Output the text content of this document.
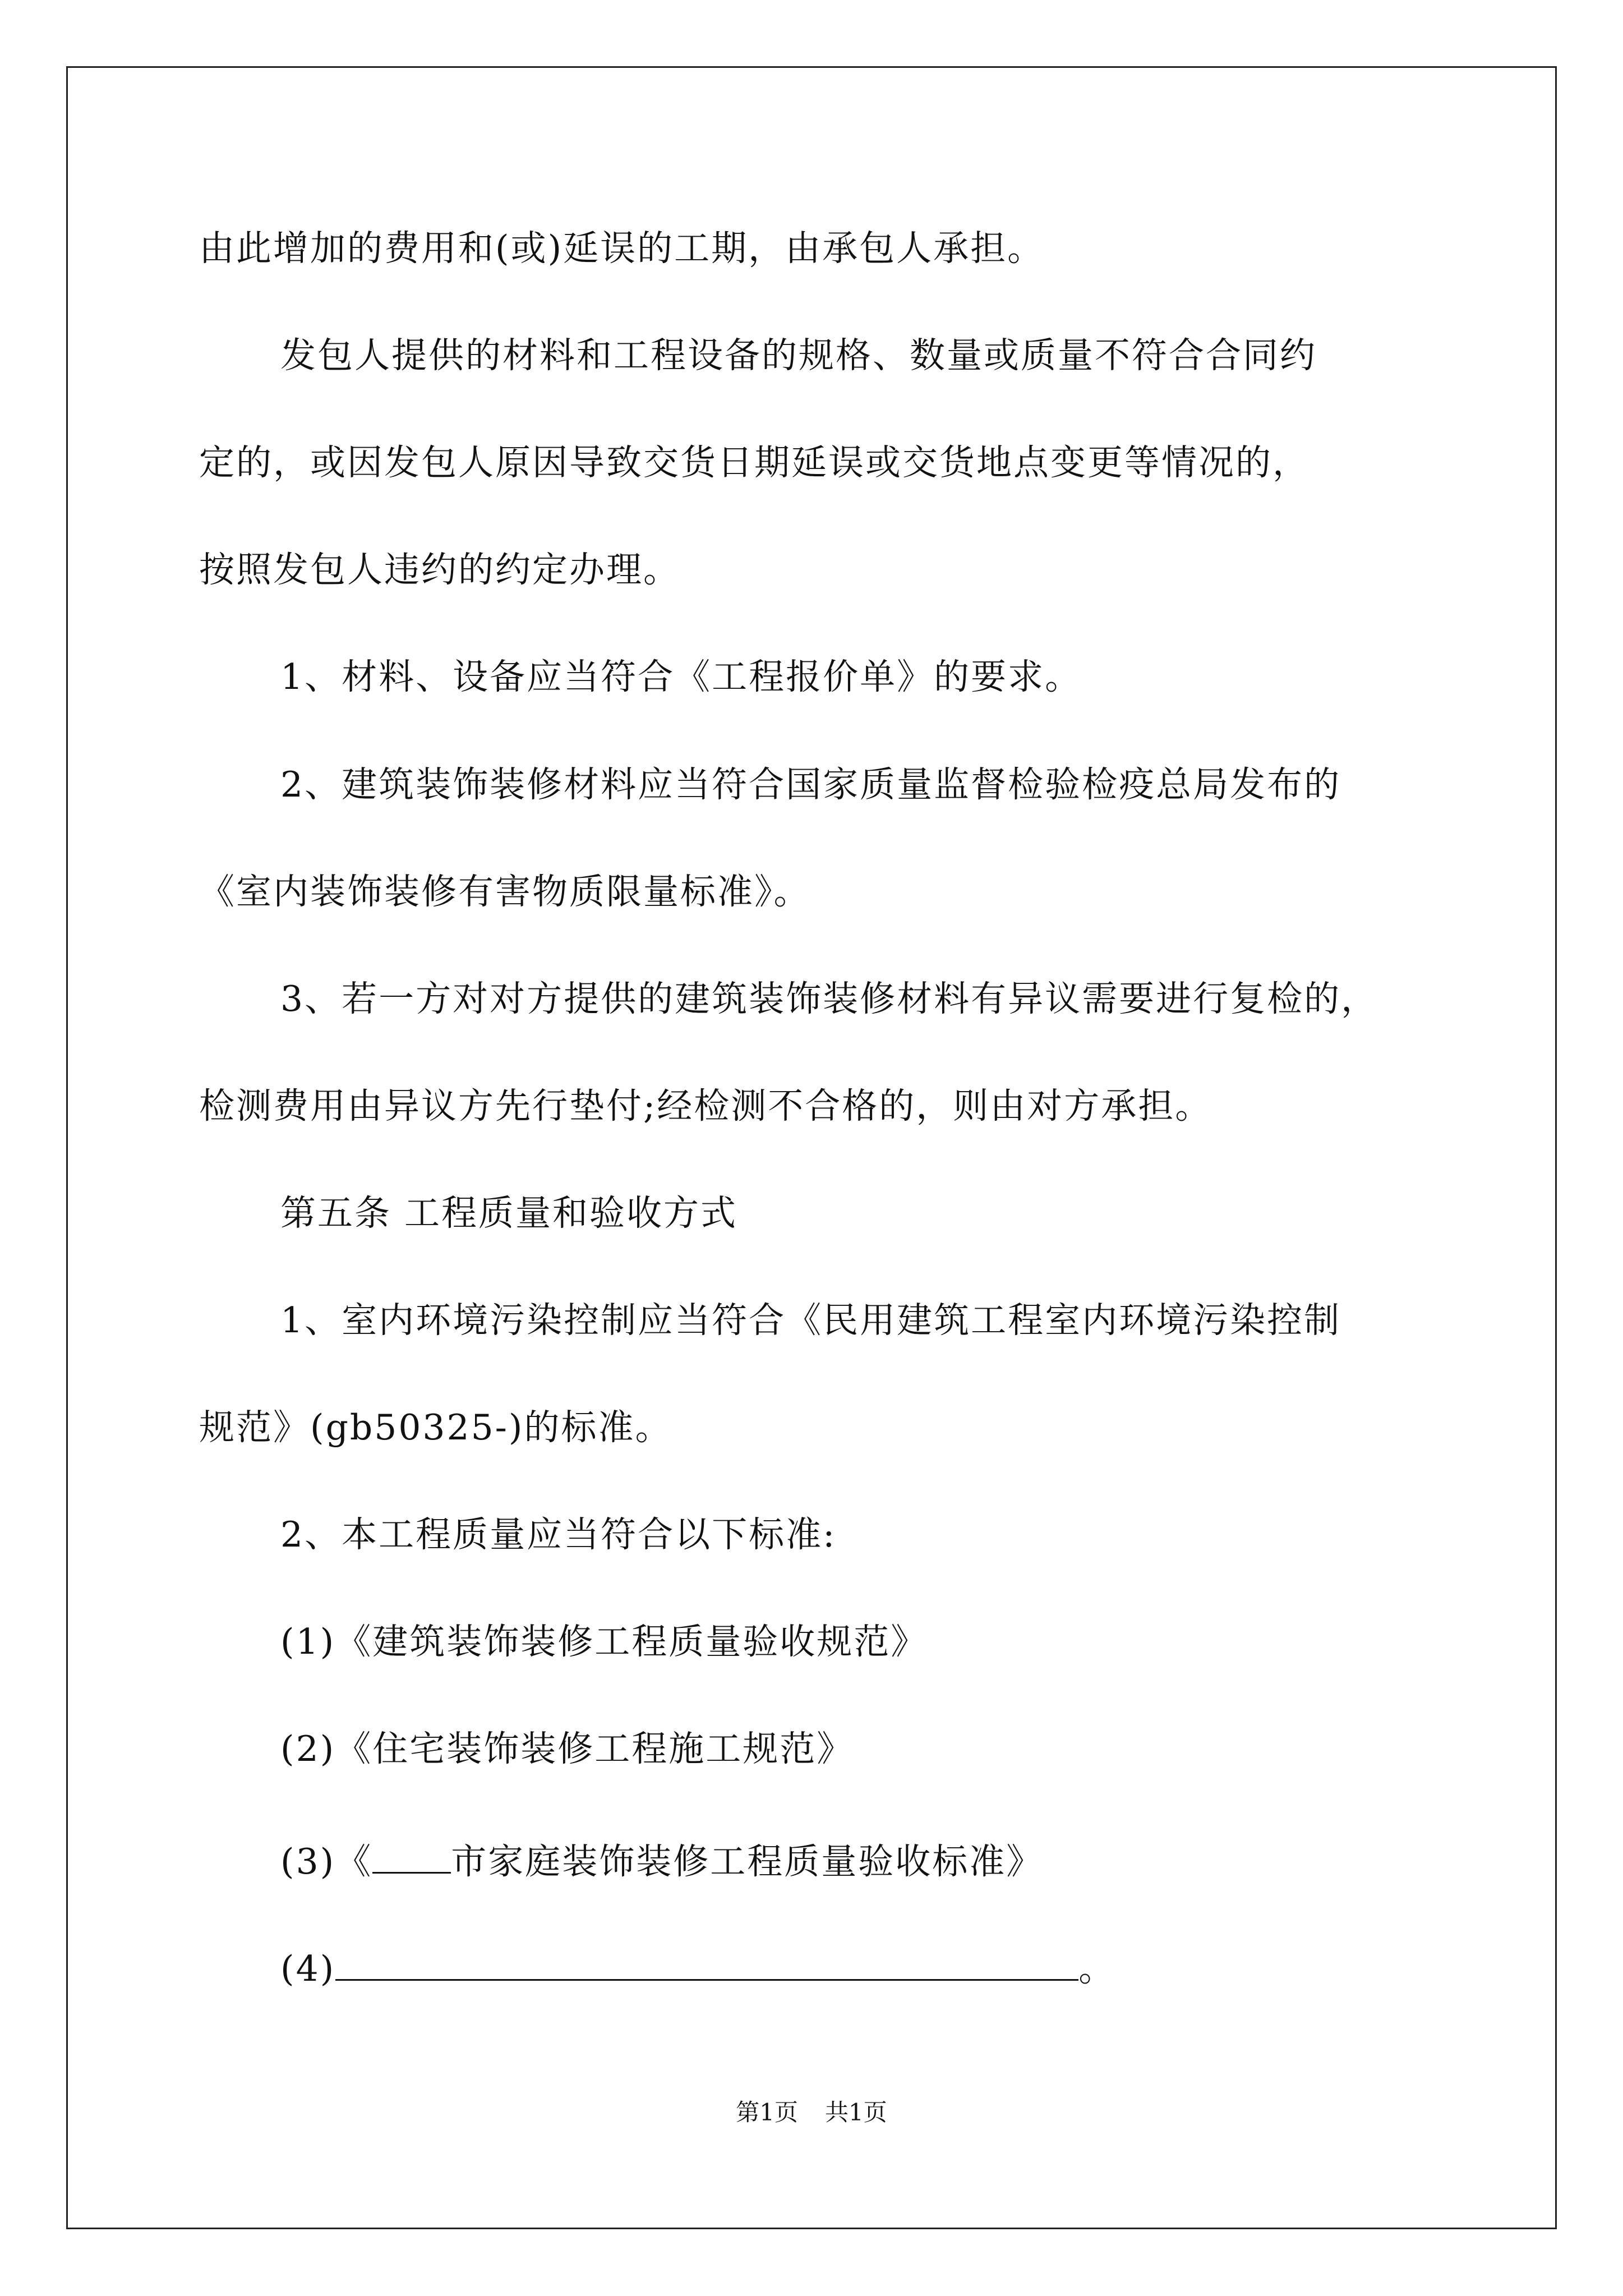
由此增加的费用和(或)延误的工期，由承包人承担。
发包人提供的材料和工程设备的规格、数量或质量不符合合同约
定的，或因发包人原因导致交货日期延误或交货地点变更等情况的，
按照发包人违约的约定办理。
1、材料、设备应当符合《工程报价单》的要求。
2、建筑装饰装修材料应当符合国家质量监督检验检疫总局发布的
《室内装饰装修有害物质限量标准》。
3、若一方对对方提供的建筑装饰装修材料有异议需要进行复检的，
检测费用由异议方先行垫付;经检测不合格的，则由对方承担。
第五条 工程质量和验收方式
1、室内环境污染控制应当符合《民用建筑工程室内环境污染控制
规范》(gb50325-)的标准。
2、本工程质量应当符合以下标准:
(1)《建筑装饰装修工程质量验收规范》
(2)《住宅装饰装修工程施工规范》
(3)《 市家庭装饰装修工程质量验收标准》
(4)	。
第1页 共1页
